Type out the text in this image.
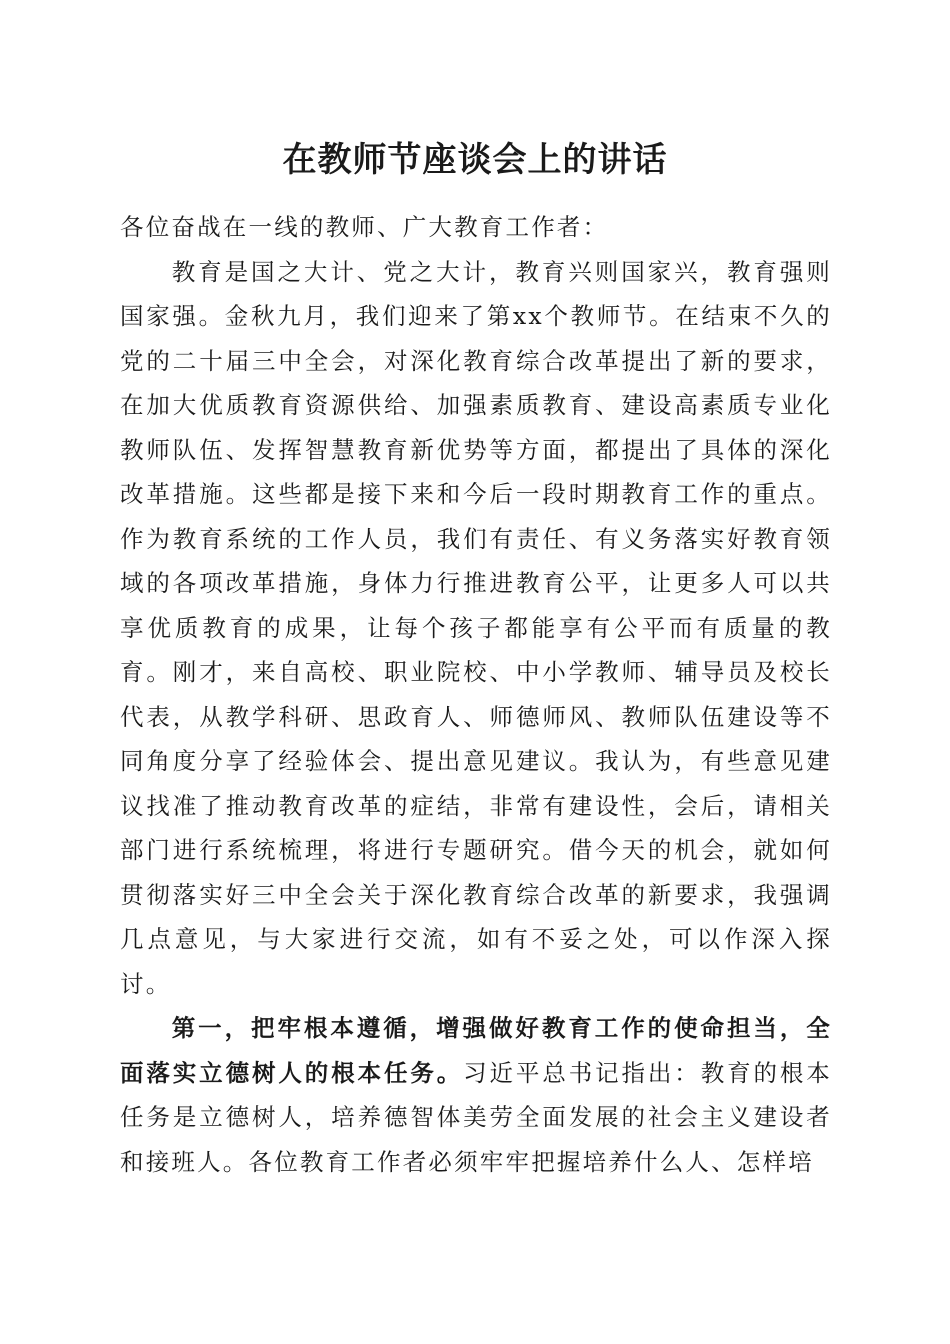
在教师节座谈会上的讲话

各位奋战在一线的教师、广大教育工作者：

教育是国之大计、党之大计，教育兴则国家兴，教育强则国家强。金秋九月，我们迎来了第xx个教师节。在结束不久的党的二十届三中全会，对深化教育综合改革提出了新的要求，在加大优质教育资源供给、加强素质教育、建设高素质专业化教师队伍、发挥智慧教育新优势等方面，都提出了具体的深化改革措施。这些都是接下来和今后一段时期教育工作的重点。作为教育系统的工作人员，我们有责任、有义务落实好教育领域的各项改革措施，身体力行推进教育公平，让更多人可以共享优质教育的成果，让每个孩子都能享有公平而有质量的教育。刚才，来自高校、职业院校、中小学教师、辅导员及校长代表，从教学科研、思政育人、师德师风、教师队伍建设等不同角度分享了经验体会、提出意见建议。我认为，有些意见建议找准了推动教育改革的症结，非常有建设性，会后，请相关部门进行系统梳理，将进行专题研究。借今天的机会，就如何贯彻落实好三中全会关于深化教育综合改革的新要求，我强调几点意见，与大家进行交流，如有不妥之处，可以作深入探讨。

第一，把牢根本遵循，增强做好教育工作的使命担当，全面落实立德树人的根本任务。习近平总书记指出：教育的根本任务是立德树人，培养德智体美劳全面发展的社会主义建设者和接班人。各位教育工作者必须牢牢把握培养什么人、怎样培
